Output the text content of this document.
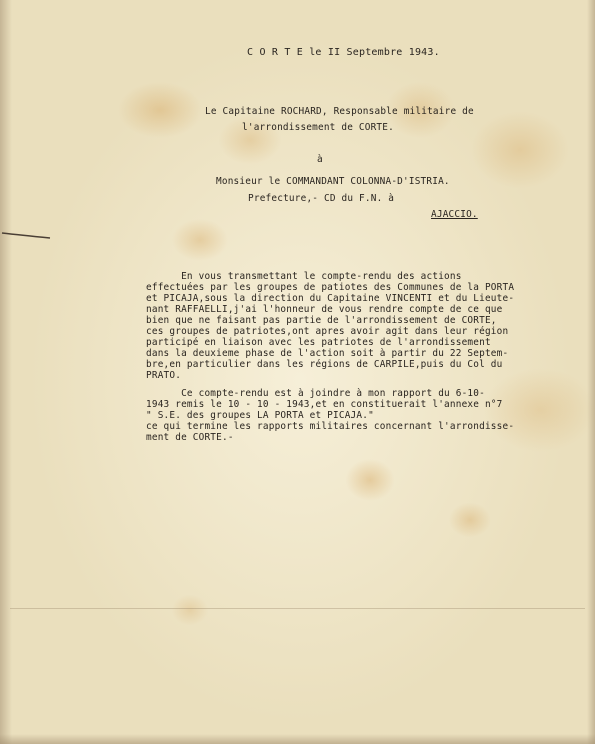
C O R T E le II Septembre 1943.
Le Capitaine ROCHARD, Responsable militaire de
l'arrondissement de CORTE.
à
Monsieur le COMMANDANT COLONNA-D'ISTRIA.
Prefecture,- CD du F.N. à
AJACCIO.
En vous transmettant le compte-rendu des actions
effectuées par les groupes de patiotes des Communes de la PORTA
et PICAJA,sous la direction du Capitaine VINCENTI et du Lieute-
nant RAFFAELLI,j'ai l'honneur de vous rendre compte de ce que
bien que ne faisant pas partie de l'arrondissement de CORTE,
ces groupes de patriotes,ont apres avoir agit dans leur région
participé en liaison avec les patriotes de l'arrondissement
dans la deuxieme phase de l'action soit à partir du 22 Septem-
bre,en particulier dans les régions de CARPILE,puis du Col du
PRATO.
Ce compte-rendu est à joindre à mon rapport du 6-10-
1943 remis le 10 - 10 - 1943,et en constituerait l'annexe n°7
" S.E. des groupes LA PORTA et PICAJA."
ce qui termine les rapports militaires concernant l'arrondisse-
ment de CORTE.-
